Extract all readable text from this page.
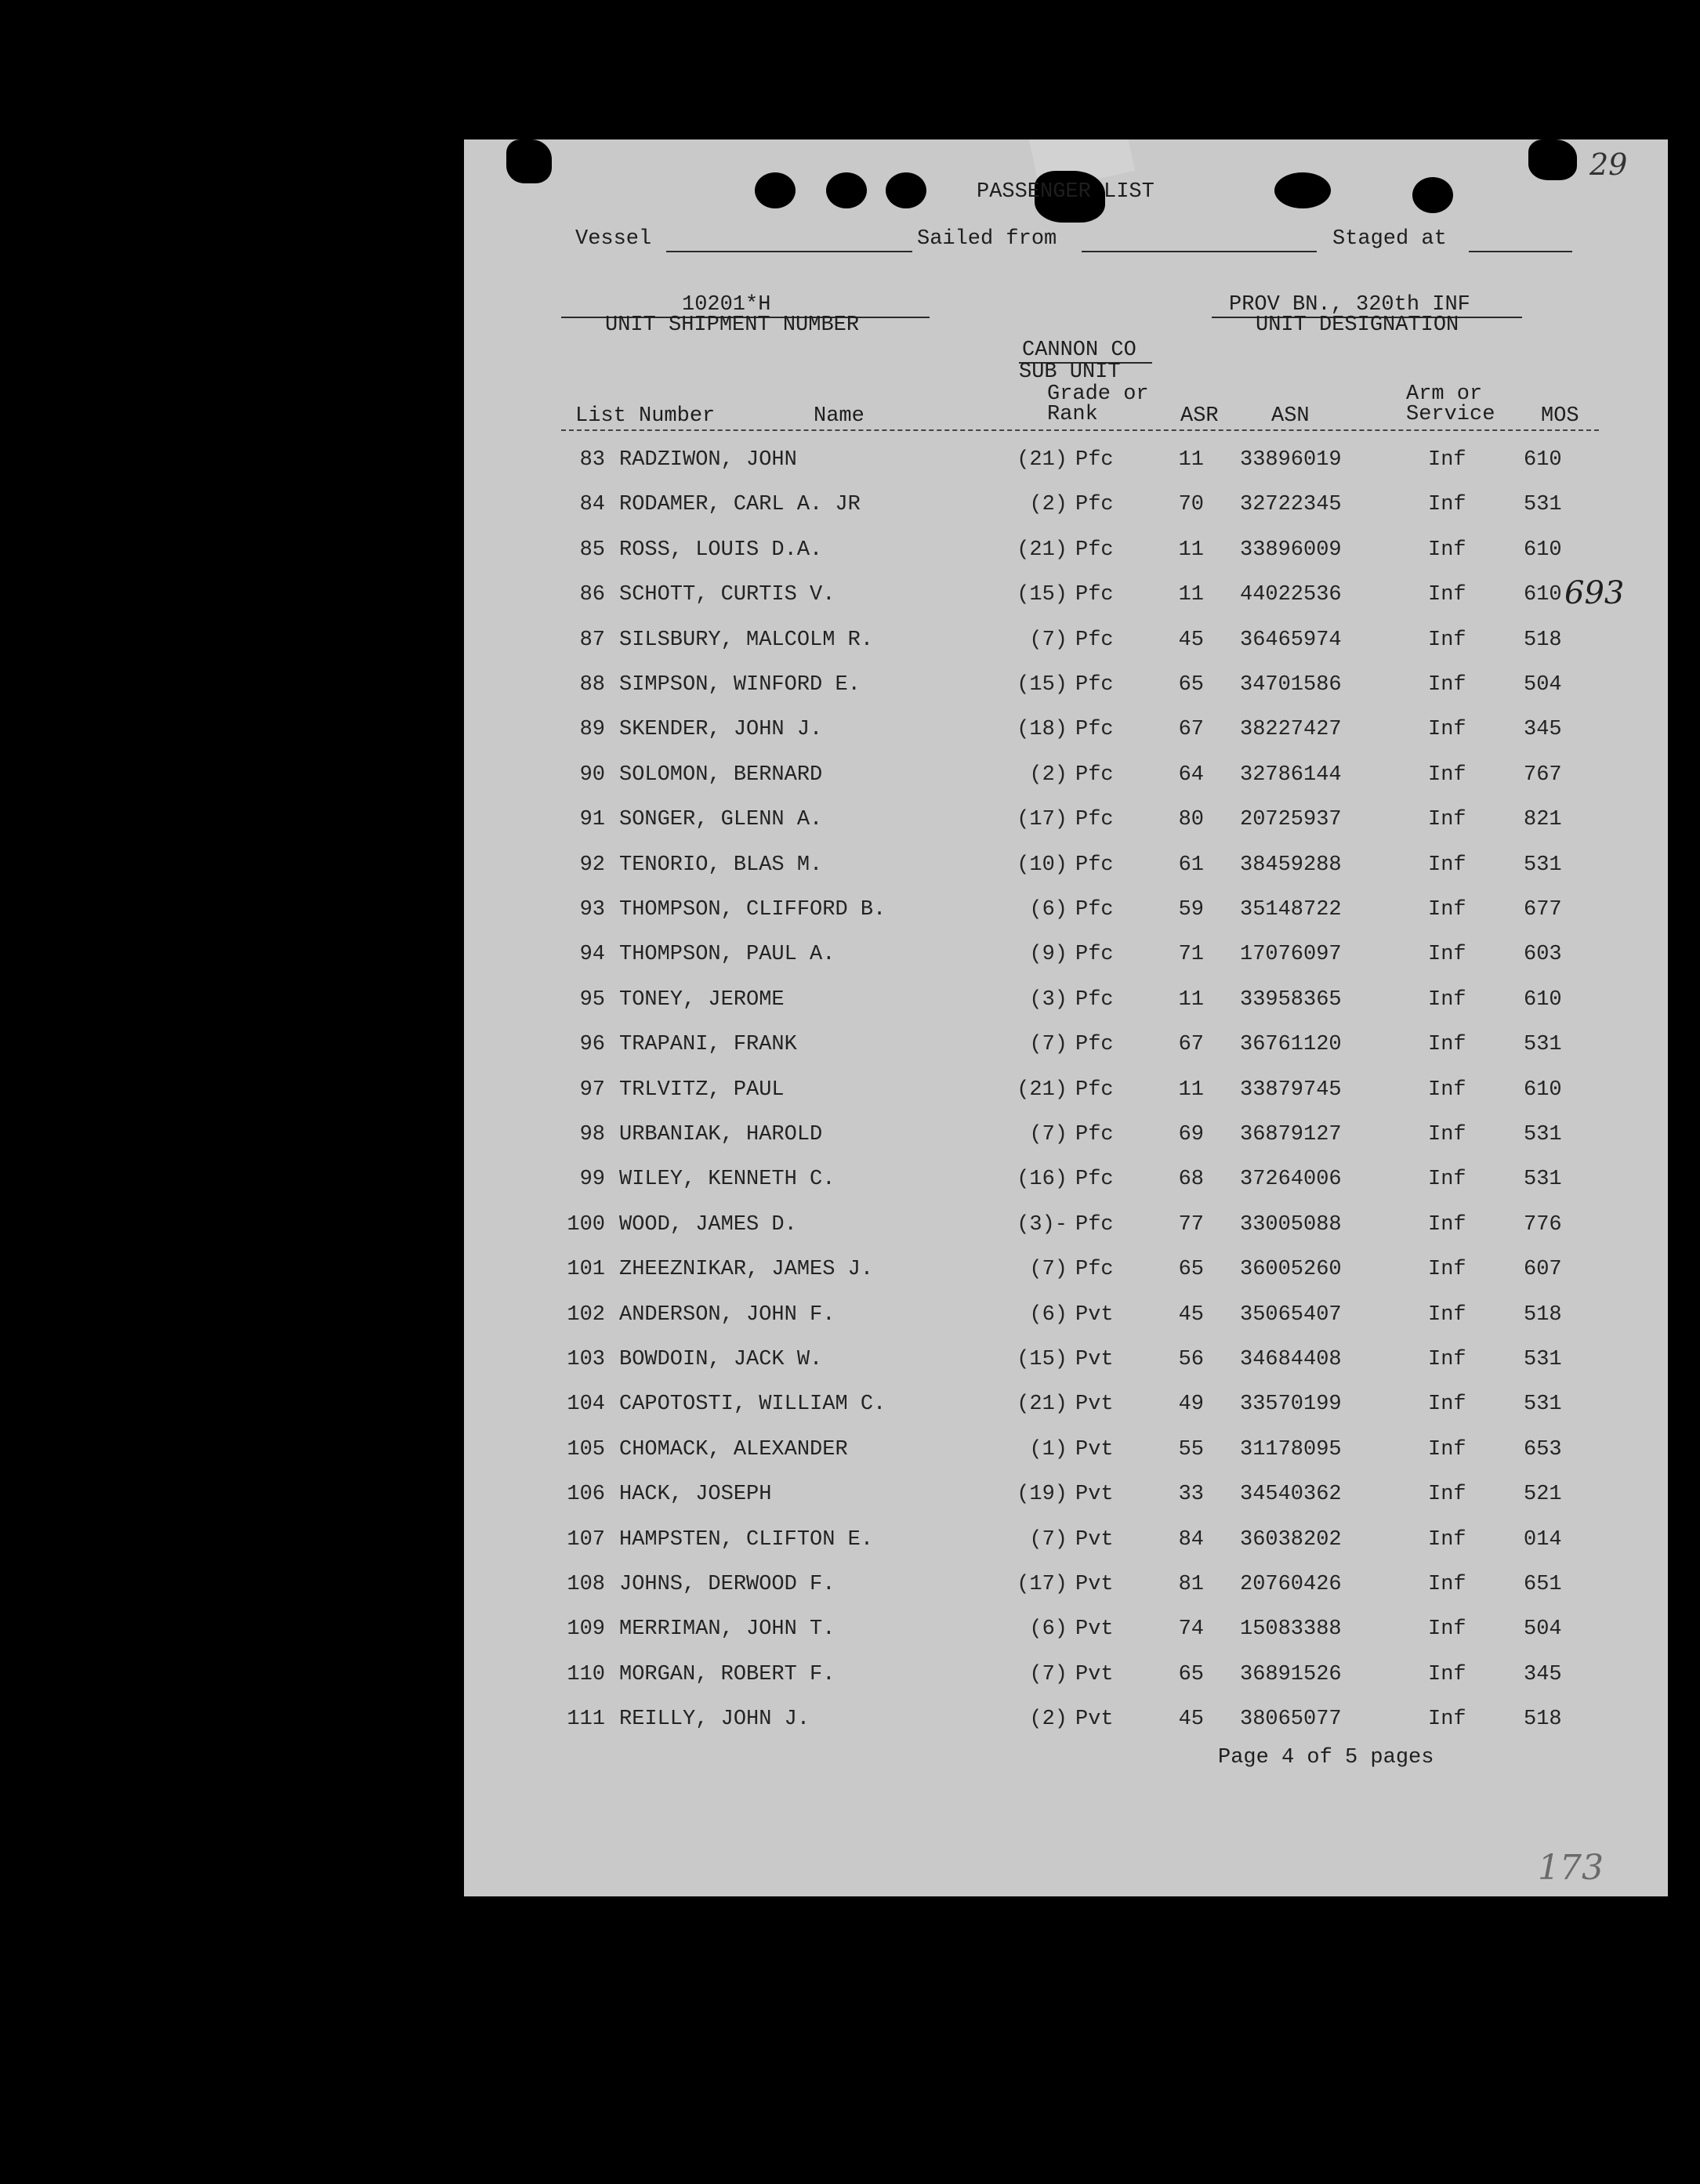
PASSENGER LIST
29
Vessel	Sailed from	Staged at
10201*H
UNIT SHIPMENT NUMBER
PROV BN., 320th INF
UNIT DESIGNATION
CANNON CO
SUB UNIT
Grade or
Rank
Arm or
Service
List Number	Name	ASR ASN	MOS
83 RADZIWON, JOHN	(21) Pfc	11 33896019	Inf	610
84 RODAMER, CARL A. JR	(2) Pfc	70 32722345	Inf	531
85 ROSS, LOUIS D.A.	(21) Pfc	11 33896009	Inf	610
86 SCHOTT, CURTIS V.	(15) Pfc	11 44022536	Inf	610
87 SILSBURY, MALCOLM R.	(7) Pfc	45 36465974	Inf	518
88 SIMPSON, WINFORD E.	(15) Pfc	65 34701586	Inf	504
89 SKENDER, JOHN J.	(18) Pfc	67 38227427	Inf	345
90 SOLOMON, BERNARD	(2) Pfc	64 32786144	Inf	767
91 SONGER, GLENN A.	(17) Pfc	80 20725937	Inf	821
92 TENORIO, BLAS M.	(10) Pfc	61 38459288	Inf	531
93 THOMPSON, CLIFFORD B.	(6) Pfc	59 35148722	Inf	677
94 THOMPSON, PAUL A.	(9) Pfc	71 17076097	Inf	603
95 TONEY, JEROME	(3) Pfc	11 33958365	Inf	610
96 TRAPANI, FRANK	(7) Pfc	67 36761120	Inf	531
97 TRLVITZ, PAUL	(21) Pfc	11 33879745	Inf	610
98 URBANIAK, HAROLD	(7) Pfc	69 36879127	Inf	531
99 WILEY, KENNETH C.	(16) Pfc	68 37264006	Inf	531
100 WOOD, JAMES D.	(3)- Pfc	77 33005088	Inf	776
101 ZHEEZNIKAR, JAMES J.	(7) Pfc	65 36005260	Inf	607
102 ANDERSON, JOHN F.	(6) Pvt	45 35065407	Inf	518
103 BOWDOIN, JACK W.	(15) Pvt	56 34684408	Inf	531
104 CAPOTOSTI, WILLIAM C.	(21) Pvt	49 33570199	Inf	531
105 CHOMACK, ALEXANDER	(1) Pvt	55 31178095	Inf	653
106 HACK, JOSEPH	(19) Pvt	33 34540362	Inf	521
107 HAMPSTEN, CLIFTON E.	(7) Pvt	84 36038202	Inf	014
108 JOHNS, DERWOOD F.	(17) Pvt	81 20760426	Inf	651
109 MERRIMAN, JOHN T.	(6) Pvt	74 15083388	Inf	504
110 MORGAN, ROBERT F.	(7) Pvt	65 36891526	Inf	345
111 REILLY, JOHN J.	(2) Pvt	45 38065077	Inf	518
693
Page 4 of 5 pages
173
